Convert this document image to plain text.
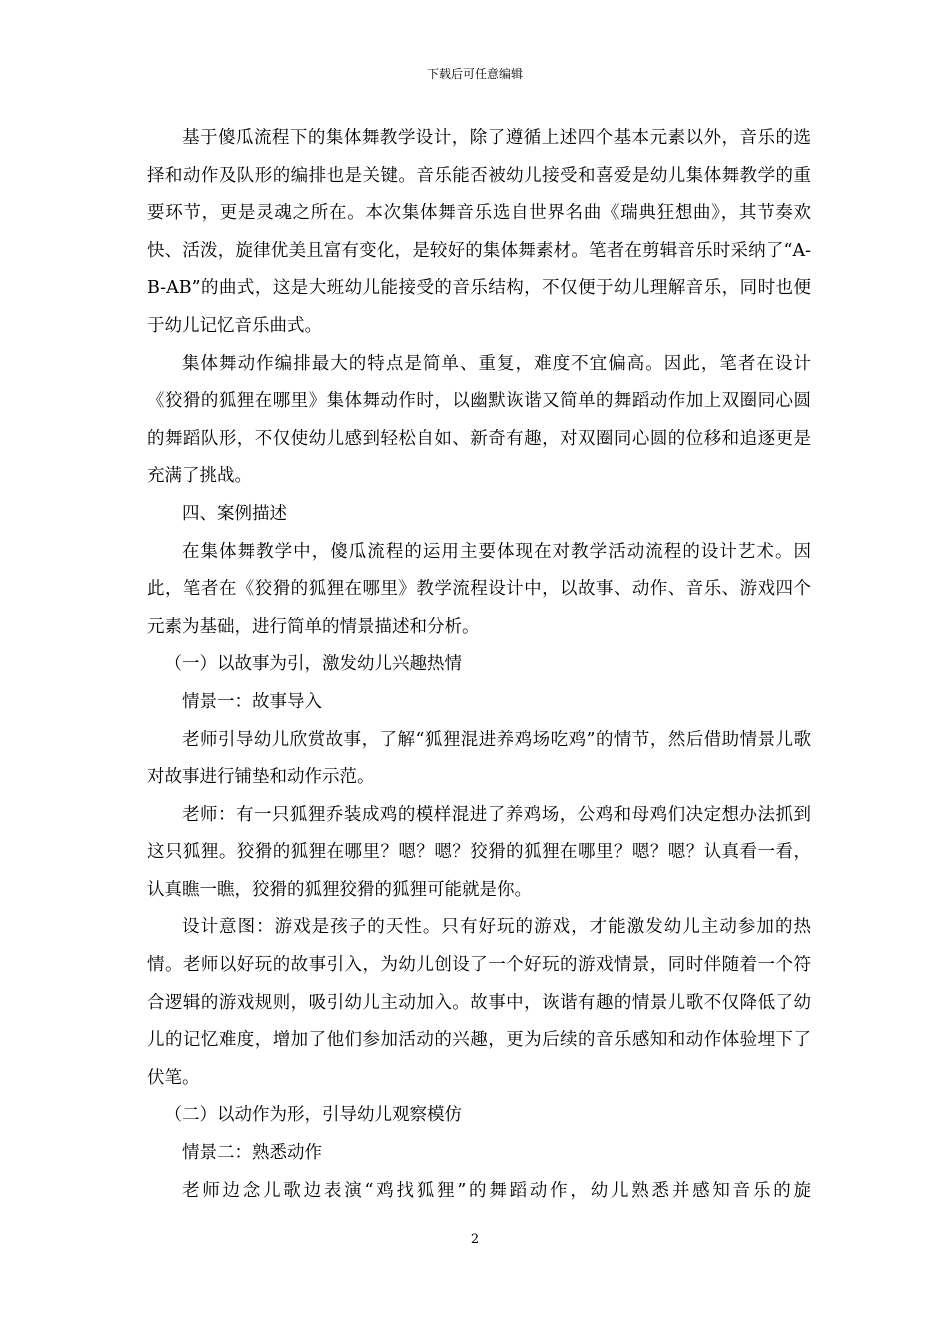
下载后可任意编辑

基于傻瓜流程下的集体舞教学设计，除了遵循上述四个基本元素以外，音乐的选择和动作及队形的编排也是关键。音乐能否被幼儿接受和喜爱是幼儿集体舞教学的重要环节，更是灵魂之所在。本次集体舞音乐选自世界名曲《瑞典狂想曲》，其节奏欢快、活泼，旋律优美且富有变化，是较好的集体舞素材。笔者在剪辑音乐时采纳了“A-B-AB”的曲式，这是大班幼儿能接受的音乐结构，不仅便于幼儿理解音乐，同时也便于幼儿记忆音乐曲式。

集体舞动作编排最大的特点是简单、重复，难度不宜偏高。因此，笔者在设计《狡猾的狐狸在哪里》集体舞动作时，以幽默诙谐又简单的舞蹈动作加上双圈同心圆的舞蹈队形，不仅使幼儿感到轻松自如、新奇有趣，对双圈同心圆的位移和追逐更是充满了挑战。

四、案例描述

在集体舞教学中，傻瓜流程的运用主要体现在对教学活动流程的设计艺术。因此，笔者在《狡猾的狐狸在哪里》教学流程设计中，以故事、动作、音乐、游戏四个元素为基础，进行简单的情景描述和分析。

（一）以故事为引，激发幼儿兴趣热情

情景一：故事导入

老师引导幼儿欣赏故事，了解“狐狸混进养鸡场吃鸡”的情节，然后借助情景儿歌对故事进行铺垫和动作示范。

老师：有一只狐狸乔装成鸡的模样混进了养鸡场，公鸡和母鸡们决定想办法抓到这只狐狸。狡猾的狐狸在哪里？嗯？嗯？狡猾的狐狸在哪里？嗯？嗯？认真看一看，认真瞧一瞧，狡猾的狐狸狡猾的狐狸可能就是你。

设计意图：游戏是孩子的天性。只有好玩的游戏，才能激发幼儿主动参加的热情。老师以好玩的故事引入，为幼儿创设了一个好玩的游戏情景，同时伴随着一个符合逻辑的游戏规则，吸引幼儿主动加入。故事中，诙谐有趣的情景儿歌不仅降低了幼儿的记忆难度，增加了他们参加活动的兴趣，更为后续的音乐感知和动作体验埋下了伏笔。

（二）以动作为形，引导幼儿观察模仿

情景二：熟悉动作

老师边念儿歌边表演“鸡找狐狸”的舞蹈动作，幼儿熟悉并感知音乐的旋

2
